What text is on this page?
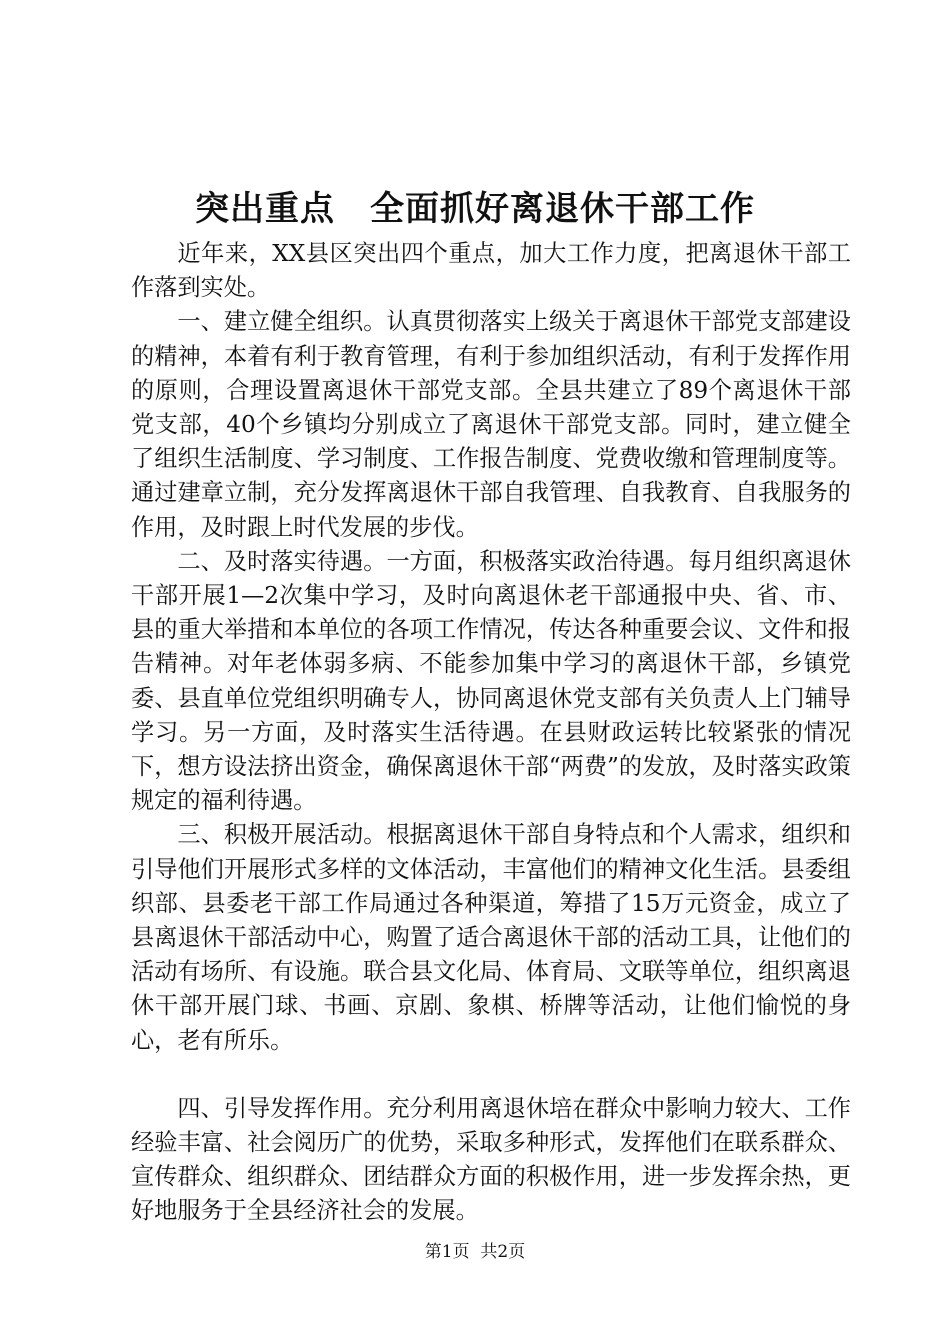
突出重点　全面抓好离退休干部工作

近年来，XX县区突出四个重点，加大工作力度，把离退休干部工作落到实处。

一、建立健全组织。认真贯彻落实上级关于离退休干部党支部建设的精神，本着有利于教育管理，有利于参加组织活动，有利于发挥作用的原则，合理设置离退休干部党支部。全县共建立了89个离退休干部党支部，40个乡镇均分别成立了离退休干部党支部。同时，建立健全了组织生活制度、学习制度、工作报告制度、党费收缴和管理制度等。通过建章立制，充分发挥离退休干部自我管理、自我教育、自我服务的作用，及时跟上时代发展的步伐。

二、及时落实待遇。一方面，积极落实政治待遇。每月组织离退休干部开展1—2次集中学习，及时向离退休老干部通报中央、省、市、县的重大举措和本单位的各项工作情况，传达各种重要会议、文件和报告精神。对年老体弱多病、不能参加集中学习的离退休干部，乡镇党委、县直单位党组织明确专人，协同离退休党支部有关负责人上门辅导学习。另一方面，及时落实生活待遇。在县财政运转比较紧张的情况下，想方设法挤出资金，确保离退休干部“两费”的发放，及时落实政策规定的福利待遇。

三、积极开展活动。根据离退休干部自身特点和个人需求，组织和引导他们开展形式多样的文体活动，丰富他们的精神文化生活。县委组织部、县委老干部工作局通过各种渠道，筹措了15万元资金，成立了县离退休干部活动中心，购置了适合离退休干部的活动工具，让他们的活动有场所、有设施。联合县文化局、体育局、文联等单位，组织离退休干部开展门球、书画、京剧、象棋、桥牌等活动，让他们愉悦的身心，老有所乐。

四、引导发挥作用。充分利用离退休培在群众中影响力较大、工作经验丰富、社会阅历广的优势，采取多种形式，发挥他们在联系群众、宣传群众、组织群众、团结群众方面的积极作用，进一步发挥余热，更好地服务于全县经济社会的发展。

第1页  共2页
